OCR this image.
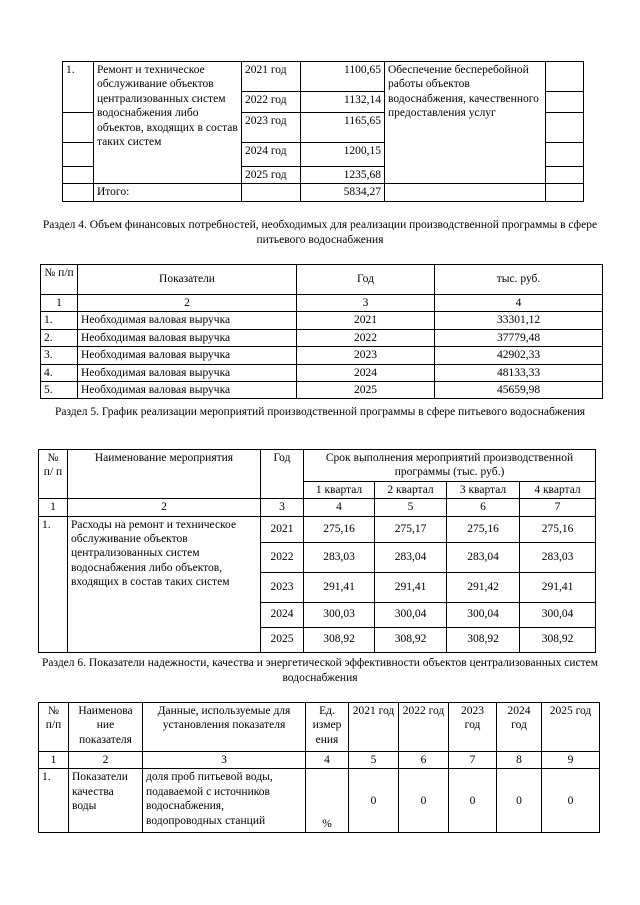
1.	Ремонт и техническое обслуживание объектов централизованных систем водоснабжения либо объектов, входящих в состав таких систем	2021 год	1100,65	Обеспечение бесперебойной работы объектов водоснабжения, качественного предоставления услуг	
		2022 год	1132,14		
		2023 год	1165,65		
		2024 год	1200,15		
		2025 год	1235,68		
	Итого:		5834,27		
Раздел 4. Объем финансовых потребностей, необходимых для реализации производственной программы в сфере питьевого водоснабжения
№ п/п	Показатели	Год	тыс. руб.
1	2	3	4
1.	Необходимая валовая выручка	2021	33301,12
2.	Необходимая валовая выручка	2022	37779,48
3.	Необходимая валовая выручка	2023	42902,33
4.	Необходимая валовая выручка	2024	48133,33
5.	Необходимая валовая выручка	2025	45659,98
Раздел 5. График реализации мероприятий производственной программы в сфере питьевого водоснабжения
№ п/ п	Наименование мероприятия	Год	Срок выполнения мероприятий производственной программы (тыс. руб.)			
			1 квартал	2 квартал	3 квартал	4 квартал
1	2	3	4	5	6	7
1.	Расходы на ремонт и техническое обслуживание объектов централизованных систем водоснабжения либо объектов, входящих в состав таких систем	2021	275,16	275,17	275,16	275,16
		2022	283,03	283,04	283,04	283,03
		2023	291,41	291,41	291,42	291,41
		2024	300,03	300,04	300,04	300,04
		2025	308,92	308,92	308,92	308,92
Раздел 6. Показатели надежности, качества и энергетической эффективности объектов централизованных систем водоснабжения
№ п/п	Наименова ние показателя	Данные, используемые для установления показателя	Ед. измер ения	2021 год	2022 год	2023 год	2024 год	2025 год
1	2	3	4	5	6	7	8	9
1.	Показатели качества воды	доля проб питьевой воды, подаваемой с источников водоснабжения, водопроводных станций	%	0	0	0	0	0
